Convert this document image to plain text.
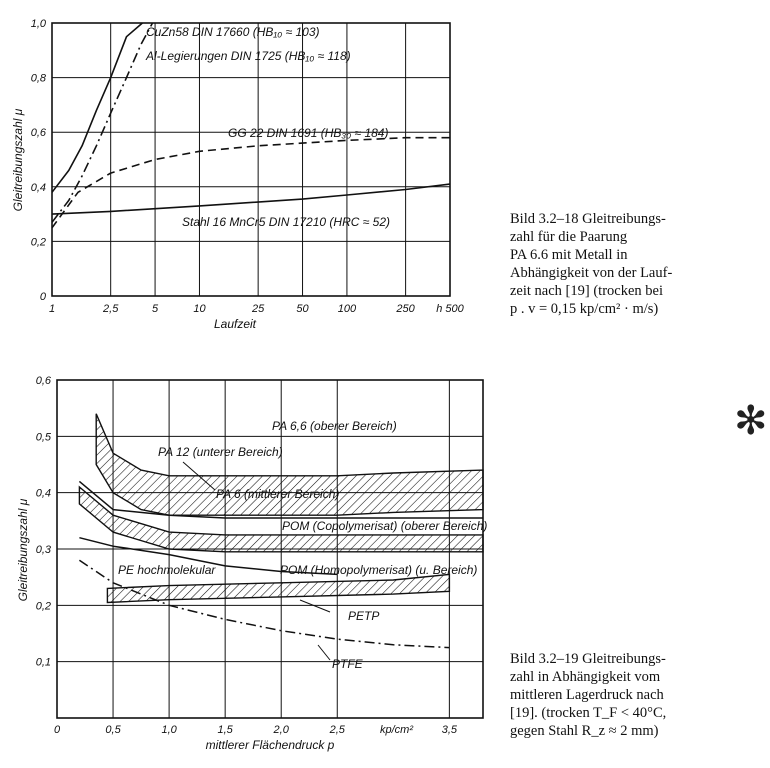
1	2,5	5	10	25	50	100	250 h 500
0
0,2
0,4
0,6
0,8
1,0
Laufzeit
Gleitreibungszahl μ
CuZn58 DIN 17660 (HB₁₀ ≈ 103)
Al-Legierungen DIN 1725 (HB₁₀ ≈ 118)
GG 22 DIN 1691 (HB₃₀ ≈ 184)
Stahl 16 MnCr5 DIN 17210 (HRC ≈ 52)
0	0,5	1,0	1,5	2,0	2,5	3,5
0,1
0,2
0,3
0,4
0,5
0,6
mittlerer Flächendruck p
kp/cm²
Gleitreibungszahl μ
PA 6,6 (oberer Bereich)
PA 12 (unterer Bereich)
PA 6 (mittlerer Bereich)
POM (Copolymerisat) (oberer Bereich)
PE hochmolekular	POM (Homopolymerisat) (u. Bereich)
PETP
PTFE
Bild 3.2–18 Gleitreibungs-
zahl für die Paarung
PA 6.6 mit Metall in
Abhängigkeit von der Lauf-
zeit nach [19] (trocken bei
p . v = 0,15 kp/cm² · m/s)
✻
Bild 3.2–19 Gleitreibungs-
zahl in Abhängigkeit vom
mittleren Lagerdruck nach
[19]. (trocken T_F < 40°C,
gegen Stahl R_z ≈ 2 mm)
